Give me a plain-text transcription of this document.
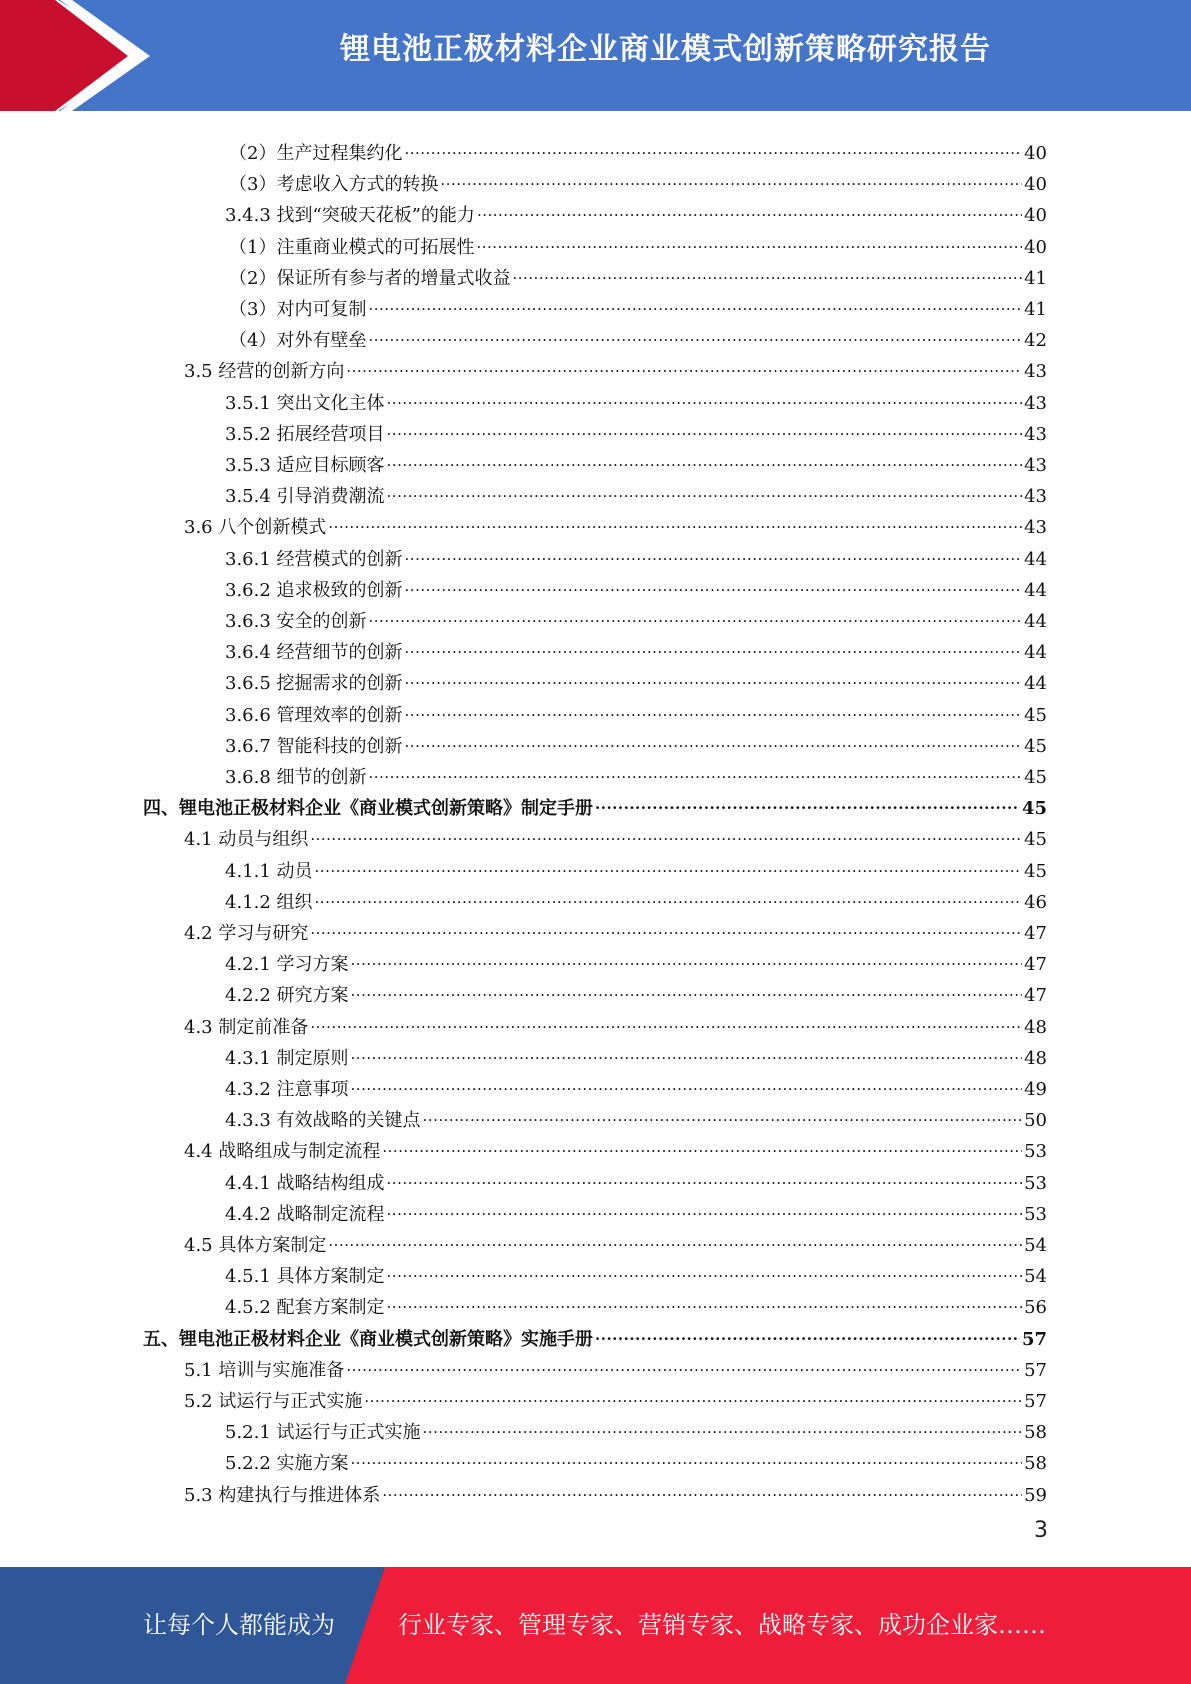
锂电池正极材料企业商业模式创新策略研究报告
（2）生产过程集约化 .....	40
（3）考虑收入方式的转换 .....	40
3.4.3 找到“突破天花板”的能力 .....	40
（1）注重商业模式的可拓展性 .....	40
（2）保证所有参与者的增量式收益 .....	41
（3）对内可复制 .....	41
（4）对外有壁垒 .....	42
3.5 经营的创新方向 .....	43
3.5.1 突出文化主体 .....	43
3.5.2 拓展经营项目 .....	43
3.5.3 适应目标顾客 .....	43
3.5.4 引导消费潮流 .....	43
3.6 八个创新模式 .....	43
3.6.1 经营模式的创新 .....	44
3.6.2 追求极致的创新 .....	44
3.6.3 安全的创新 .....	44
3.6.4 经营细节的创新 .....	44
3.6.5 挖掘需求的创新 .....	44
3.6.6 管理效率的创新 .....	45
3.6.7 智能科技的创新 .....	45
3.6.8 细节的创新 .....	45
四、锂电池正极材料企业《商业模式创新策略》制定手册 .....	45
4.1 动员与组织 .....	45
4.1.1 动员 .....	45
4.1.2 组织 .....	46
4.2 学习与研究 .....	47
4.2.1 学习方案 .....	47
4.2.2 研究方案 .....	47
4.3 制定前准备 .....	48
4.3.1 制定原则 .....	48
4.3.2 注意事项 .....	49
4.3.3 有效战略的关键点 .....	50
4.4 战略组成与制定流程 .....	53
4.4.1 战略结构组成 .....	53
4.4.2 战略制定流程 .....	53
4.5 具体方案制定 .....	54
4.5.1 具体方案制定 .....	54
4.5.2 配套方案制定 .....	56
五、锂电池正极材料企业《商业模式创新策略》实施手册 .....	57
5.1 培训与实施准备 .....	57
5.2 试运行与正式实施 .....	57
5.2.1 试运行与正式实施 .....	58
5.2.2 实施方案 .....	58
5.3 构建执行与推进体系 .....	59
3
让每个人都能成为	行业专家、管理专家、营销专家、战略专家、成功企业家……
